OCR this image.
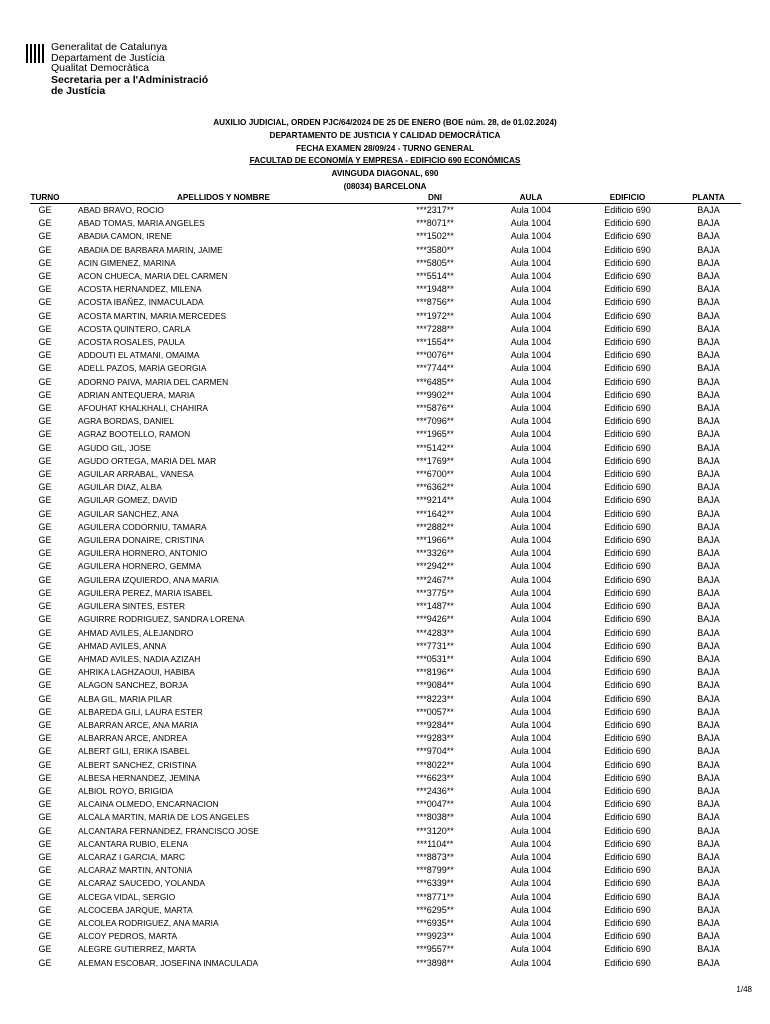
Generalitat de Catalunya
Departament de Justícia
Qualitat Democràtica
Secretaria per a l'Administració
de Justícia
AUXILIO JUDICIAL, ORDEN PJC/64/2024 DE 25 DE ENERO (BOE núm. 28, de 01.02.2024)
DEPARTAMENTO DE JUSTICIA Y CALIDAD DEMOCRÁTICA
FECHA EXAMEN 28/09/24 - TURNO GENERAL
FACULTAD DE ECONOMÍA Y EMPRESA - EDIFICIO 690 ECONÓMICAS
AVINGUDA DIAGONAL, 690
(08034) BARCELONA
TURNO	APELLIDOS Y NOMBRE	DNI	AULA	EDIFICIO	PLANTA
GE	ABAD BRAVO, ROCIO	***2317**	Aula 1004	Edificio 690	BAJA
GE	ABAD TOMAS, MARIA ANGELES	***8071**	Aula 1004	Edificio 690	BAJA
GE	ABADIA CAMON, IRENE	***1502**	Aula 1004	Edificio 690	BAJA
GE	ABADIA DE BARBARA MARIN, JAIME	***3580**	Aula 1004	Edificio 690	BAJA
GE	ACIN GIMENEZ, MARINA	***5805**	Aula 1004	Edificio 690	BAJA
GE	ACON CHUECA, MARIA DEL CARMEN	***5514**	Aula 1004	Edificio 690	BAJA
GE	ACOSTA HERNANDEZ, MILENA	***1948**	Aula 1004	Edificio 690	BAJA
GE	ACOSTA IBAÑEZ, INMACULADA	***8756**	Aula 1004	Edificio 690	BAJA
GE	ACOSTA MARTIN, MARIA MERCEDES	***1972**	Aula 1004	Edificio 690	BAJA
GE	ACOSTA QUINTERO, CARLA	***7288**	Aula 1004	Edificio 690	BAJA
GE	ACOSTA ROSALES, PAULA	***1554**	Aula 1004	Edificio 690	BAJA
GE	ADDOUTI EL ATMANI, OMAIMA	***0076**	Aula 1004	Edificio 690	BAJA
GE	ADELL PAZOS, MARIA GEORGIA	***7744**	Aula 1004	Edificio 690	BAJA
GE	ADORNO PAIVA, MARIA DEL CARMEN	***6485**	Aula 1004	Edificio 690	BAJA
GE	ADRIAN ANTEQUERA, MARIA	***9902**	Aula 1004	Edificio 690	BAJA
GE	AFOUHAT KHALKHALI, CHAHIRA	***5876**	Aula 1004	Edificio 690	BAJA
GE	AGRA BORDAS, DANIEL	***7096**	Aula 1004	Edificio 690	BAJA
GE	AGRAZ BOOTELLO, RAMON	***1965**	Aula 1004	Edificio 690	BAJA
GE	AGUDO GIL, JOSE	***5142**	Aula 1004	Edificio 690	BAJA
GE	AGUDO ORTEGA, MARIA DEL MAR	***1769**	Aula 1004	Edificio 690	BAJA
GE	AGUILAR ARRABAL, VANESA	***6700**	Aula 1004	Edificio 690	BAJA
GE	AGUILAR DIAZ, ALBA	***6362**	Aula 1004	Edificio 690	BAJA
GE	AGUILAR GOMEZ, DAVID	***9214**	Aula 1004	Edificio 690	BAJA
GE	AGUILAR SANCHEZ, ANA	***1642**	Aula 1004	Edificio 690	BAJA
GE	AGUILERA CODORNIU, TAMARA	***2882**	Aula 1004	Edificio 690	BAJA
GE	AGUILERA DONAIRE, CRISTINA	***1966**	Aula 1004	Edificio 690	BAJA
GE	AGUILERA HORNERO, ANTONIO	***3326**	Aula 1004	Edificio 690	BAJA
GE	AGUILERA HORNERO, GEMMA	***2942**	Aula 1004	Edificio 690	BAJA
GE	AGUILERA IZQUIERDO, ANA MARIA	***2467**	Aula 1004	Edificio 690	BAJA
GE	AGUILERA PEREZ, MARIA ISABEL	***3775**	Aula 1004	Edificio 690	BAJA
GE	AGUILERA SINTES, ESTER	***1487**	Aula 1004	Edificio 690	BAJA
GE	AGUIRRE RODRIGUEZ, SANDRA LORENA	***9426**	Aula 1004	Edificio 690	BAJA
GE	AHMAD AVILES, ALEJANDRO	***4283**	Aula 1004	Edificio 690	BAJA
GE	AHMAD AVILES, ANNA	***7731**	Aula 1004	Edificio 690	BAJA
GE	AHMAD AVILES, NADIA AZIZAH	***0531**	Aula 1004	Edificio 690	BAJA
GE	AHRIKA LAGHZAOUI, HABIBA	***8196**	Aula 1004	Edificio 690	BAJA
GE	ALAGON SANCHEZ, BORJA	***9084**	Aula 1004	Edificio 690	BAJA
GE	ALBA GIL, MARIA PILAR	***8223**	Aula 1004	Edificio 690	BAJA
GE	ALBAREDA GILI, LAURA ESTER	***0057**	Aula 1004	Edificio 690	BAJA
GE	ALBARRAN ARCE, ANA MARIA	***9284**	Aula 1004	Edificio 690	BAJA
GE	ALBARRAN ARCE, ANDREA	***9283**	Aula 1004	Edificio 690	BAJA
GE	ALBERT GILI, ERIKA ISABEL	***9704**	Aula 1004	Edificio 690	BAJA
GE	ALBERT SANCHEZ, CRISTINA	***8022**	Aula 1004	Edificio 690	BAJA
GE	ALBESA HERNANDEZ, JEMINA	***6623**	Aula 1004	Edificio 690	BAJA
GE	ALBIOL ROYO, BRIGIDA	***2436**	Aula 1004	Edificio 690	BAJA
GE	ALCAINA OLMEDO, ENCARNACION	***0047**	Aula 1004	Edificio 690	BAJA
GE	ALCALA MARTIN, MARIA DE LOS ANGELES	***8038**	Aula 1004	Edificio 690	BAJA
GE	ALCANTARA FERNANDEZ, FRANCISCO JOSE	***3120**	Aula 1004	Edificio 690	BAJA
GE	ALCANTARA RUBIO, ELENA	***1104**	Aula 1004	Edificio 690	BAJA
GE	ALCARAZ I GARCIA, MARC	***8873**	Aula 1004	Edificio 690	BAJA
GE	ALCARAZ MARTIN, ANTONIA	***8799**	Aula 1004	Edificio 690	BAJA
GE	ALCARAZ SAUCEDO, YOLANDA	***6339**	Aula 1004	Edificio 690	BAJA
GE	ALCEGA VIDAL, SERGIO	***8771**	Aula 1004	Edificio 690	BAJA
GE	ALCOCEBA JARQUE, MARTA	***6295**	Aula 1004	Edificio 690	BAJA
GE	ALCOLEA RODRIGUEZ, ANA MARIA	***6935**	Aula 1004	Edificio 690	BAJA
GE	ALCOY PEDROS, MARTA	***9923**	Aula 1004	Edificio 690	BAJA
GE	ALEGRE GUTIERREZ, MARTA	***9557**	Aula 1004	Edificio 690	BAJA
GE	ALEMAN ESCOBAR, JOSEFINA INMACULADA	***3898**	Aula 1004	Edificio 690	BAJA
1/48
